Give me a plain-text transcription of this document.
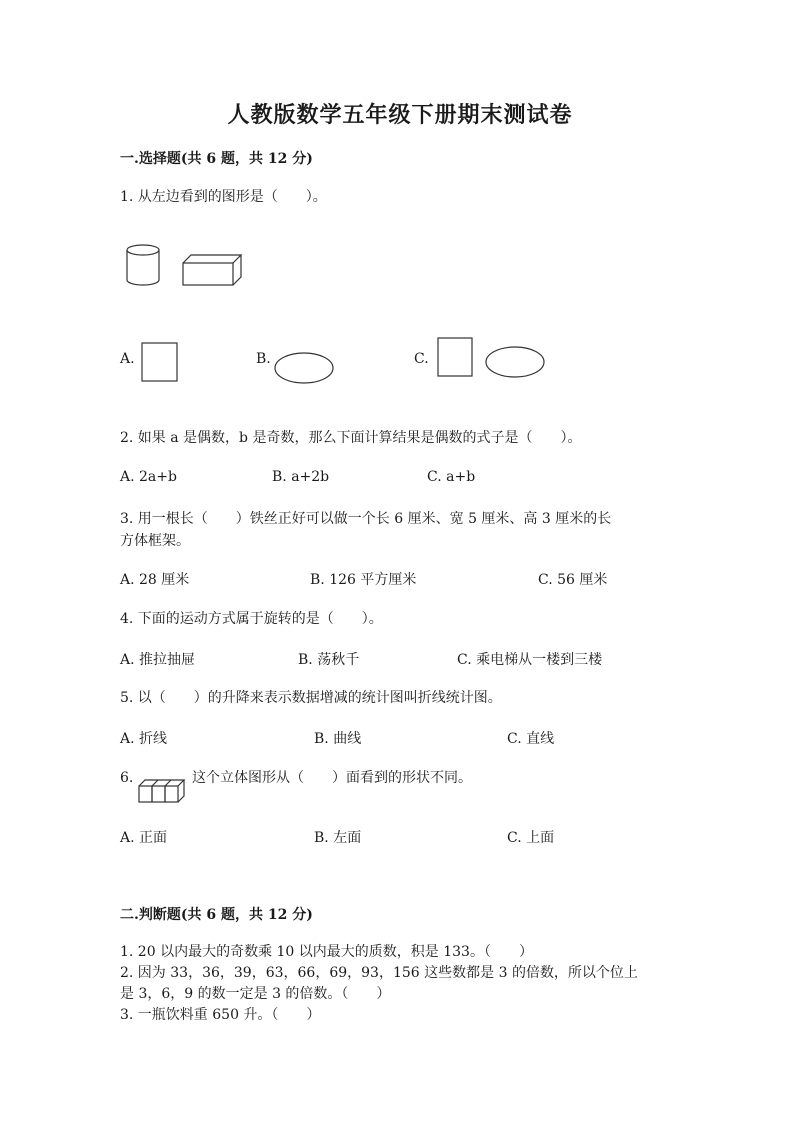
人教版数学五年级下册期末测试卷
一.选择题(共 6 题，共 12 分)
1. 从左边看到的图形是（　　）。
A.	B.	C.
2. 如果 a 是偶数，b 是奇数，那么下面计算结果是偶数的式子是（　　）。
A. 2a+b	B. a+2b	C. a+b
3. 用一根长（　　）铁丝正好可以做一个长 6 厘米、宽 5 厘米、高 3 厘米的长
方体框架。
A. 28 厘米	B. 126 平方厘米	C. 56 厘米
4. 下面的运动方式属于旋转的是（　　）。
A. 推拉抽屉	B. 荡秋千	C. 乘电梯从一楼到三楼
5. 以（　　）的升降来表示数据增减的统计图叫折线统计图。
A. 折线	B. 曲线	C. 直线
6.	这个立体图形从（　　）面看到的形状不同。
A. 正面	B. 左面	C. 上面
二.判断题(共 6 题，共 12 分)
1. 20 以内最大的奇数乘 10 以内最大的质数，积是 133。（　　）
2. 因为 33，36，39，63，66，69，93，156 这些数都是 3 的倍数，所以个位上
是 3，6，9 的数一定是 3 的倍数。（　　）
3. 一瓶饮料重 650 升。（　　）
